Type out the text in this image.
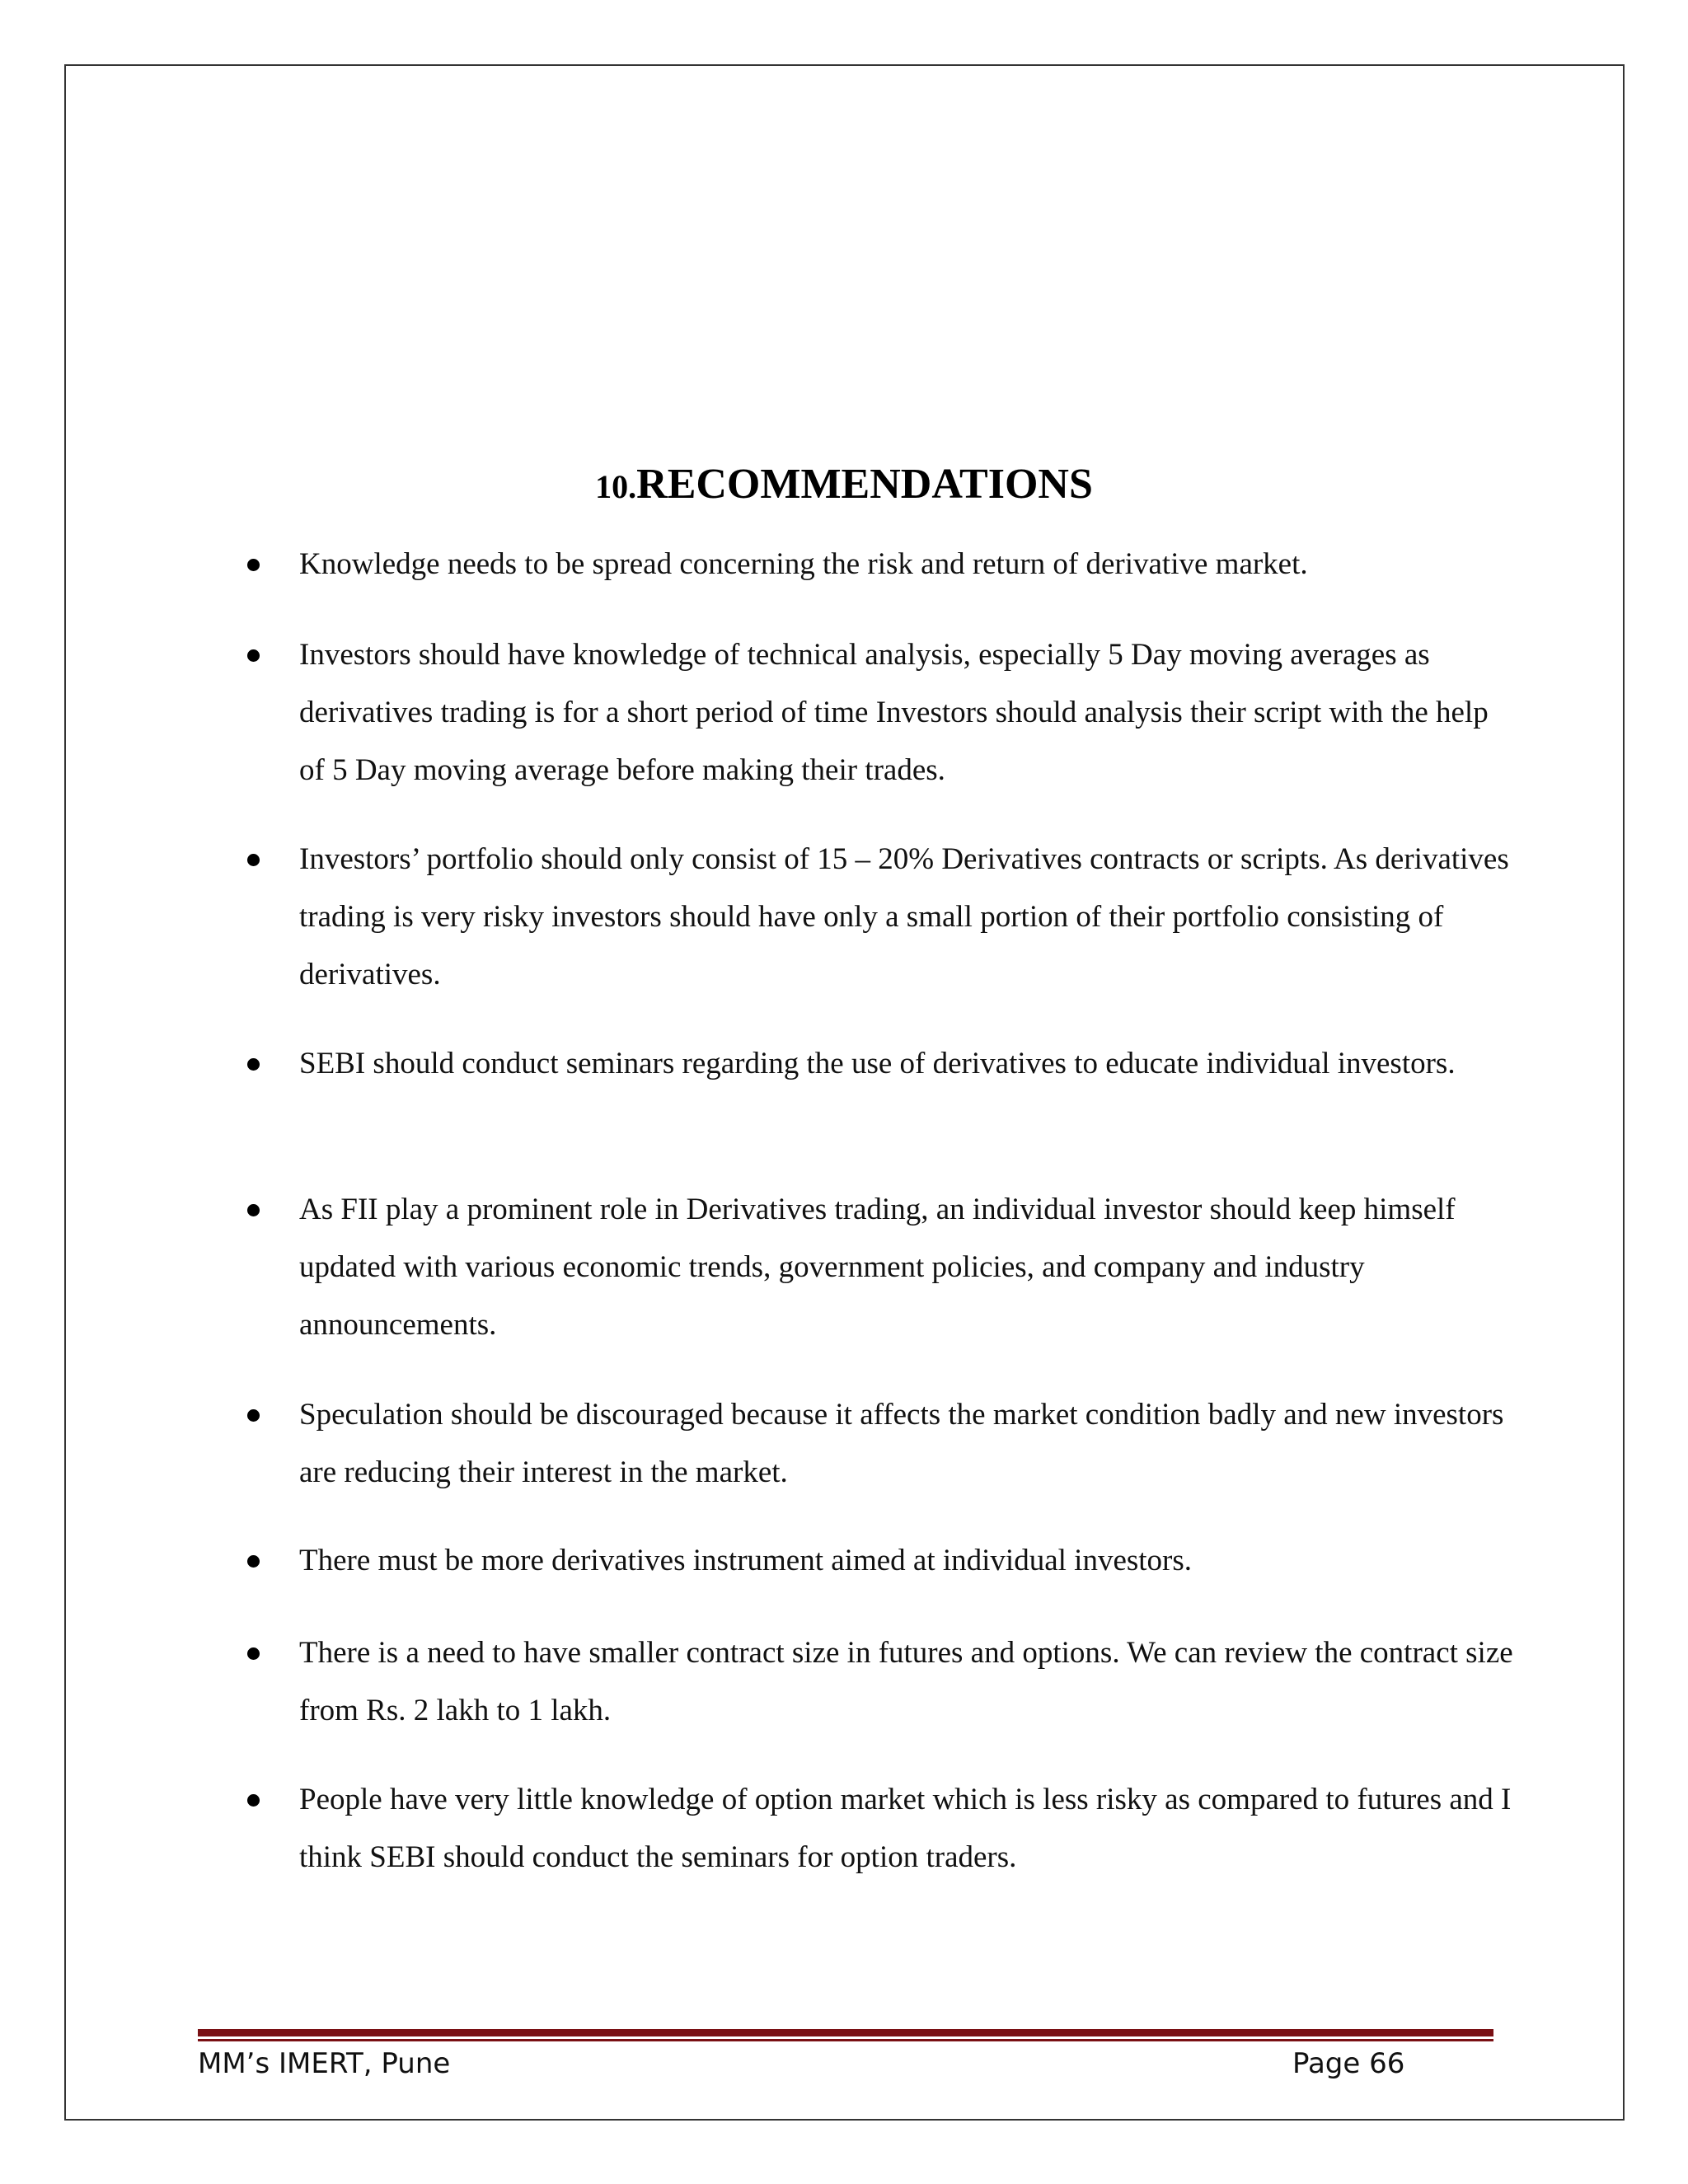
10.RECOMMENDATIONS
Knowledge needs to be spread concerning the risk and return of derivative market.
Investors should have knowledge of technical analysis, especially 5 Day moving averages as derivatives trading is for a short period of time Investors should analysis their script with the help of 5 Day moving average before making their trades.
Investors’ portfolio should only consist of 15 – 20% Derivatives contracts or scripts. As derivatives trading is very risky investors should have only a small portion of their portfolio consisting of derivatives.
SEBI should conduct seminars regarding the use of derivatives to educate individual investors.
As FII play a prominent role in Derivatives trading, an individual investor should keep himself updated with various economic trends, government policies, and company and industry announcements.
Speculation should be discouraged because it affects the market condition badly and new investors are reducing their interest in the market.
There must be more derivatives instrument aimed at individual investors.
There is a need to have smaller contract size in futures and options. We can review the contract size from Rs. 2 lakh to 1 lakh.
People have very little knowledge of option market which is less risky as compared to futures and I think SEBI should conduct the seminars for option traders.
MM’s IMERT, Pune	Page 66
